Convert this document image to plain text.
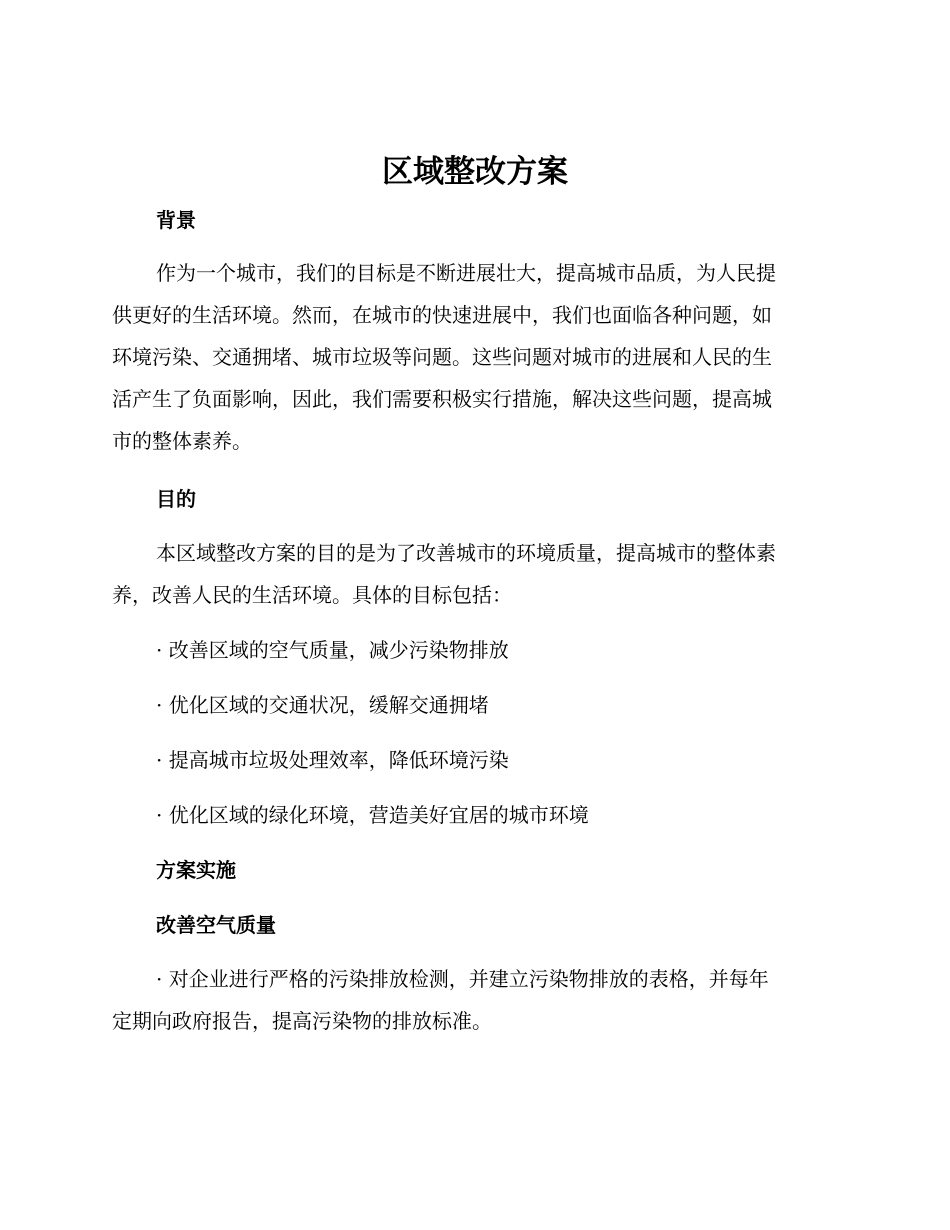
区域整改方案
背景

作为一个城市，我们的目标是不断进展壮大，提高城市品质，为人民提
供更好的生活环境。然而，在城市的快速进展中，我们也面临各种问题，如
环境污染、交通拥堵、城市垃圾等问题。这些问题对城市的进展和人民的生
活产生了负面影响，因此，我们需要积极实行措施，解决这些问题，提高城
市的整体素养。

目的

本区域整改方案的目的是为了改善城市的环境质量，提高城市的整体素
养，改善人民的生活环境。具体的目标包括：

· 改善区域的空气质量，减少污染物排放

· 优化区域的交通状况，缓解交通拥堵

· 提高城市垃圾处理效率，降低环境污染

· 优化区域的绿化环境，营造美好宜居的城市环境

方案实施
改善空气质量

· 对企业进行严格的污染排放检测，并建立污染物排放的表格，并每年
定期向政府报告，提高污染物的排放标准。
